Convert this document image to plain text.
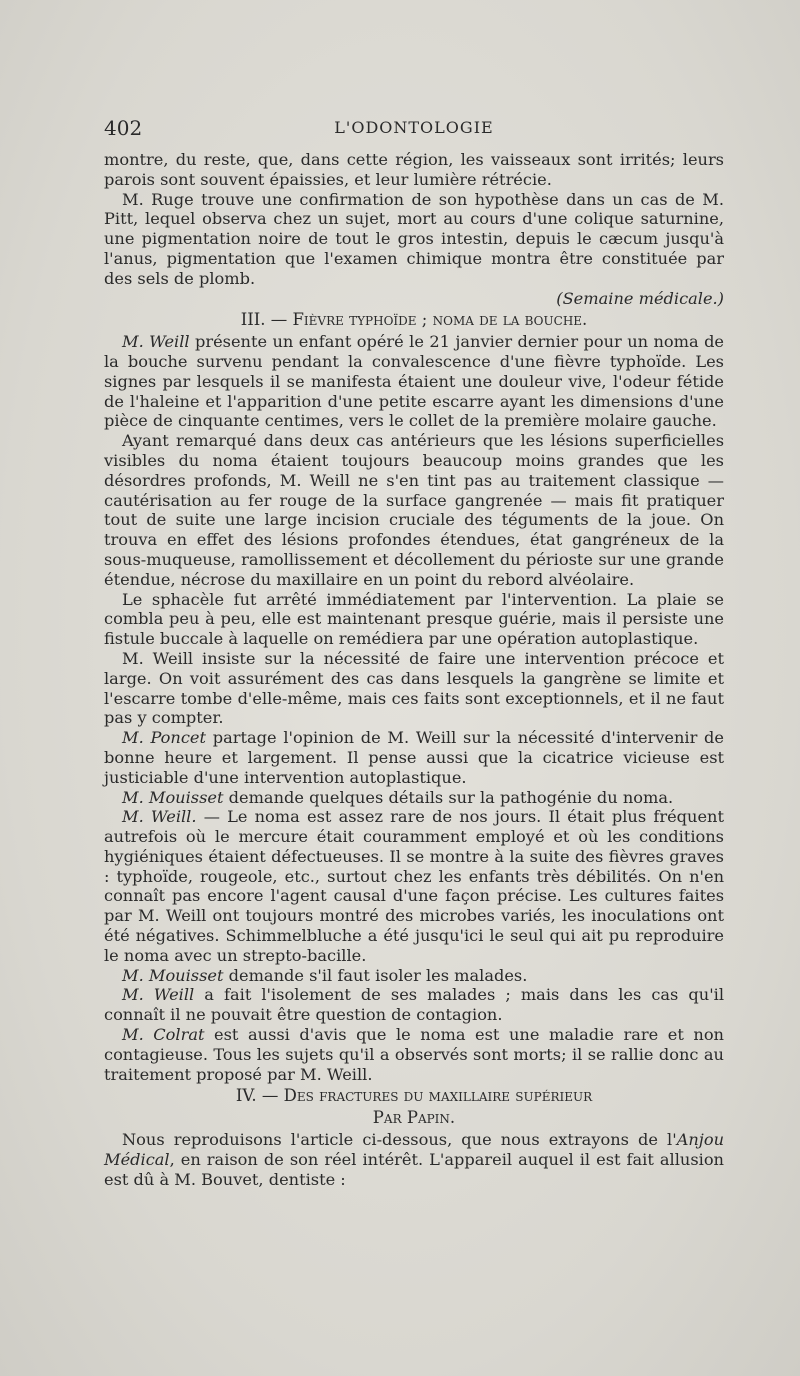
402	L'ODONTOLOGIE

montre, du reste, que, dans cette région, les vaisseaux sont irrités; leurs parois sont souvent épaissies, et leur lumière rétrécie.

M. Ruge trouve une confirmation de son hypothèse dans un cas de M. Pitt, lequel observa chez un sujet, mort au cours d'une colique saturnine, une pigmentation noire de tout le gros intestin, depuis le cæcum jusqu'à l'anus, pigmentation que l'examen chimique montra être constituée par des sels de plomb.

(Semaine médicale.)

III. — Fièvre typhoïde ; noma de la bouche.

M. Weill présente un enfant opéré le 21 janvier dernier pour un noma de la bouche survenu pendant la convalescence d'une fièvre typhoïde. Les signes par lesquels il se manifesta étaient une douleur vive, l'odeur fétide de l'haleine et l'apparition d'une petite escarre ayant les dimensions d'une pièce de cinquante centimes, vers le collet de la première molaire gauche.

Ayant remarqué dans deux cas antérieurs que les lésions superficielles visibles du noma étaient toujours beaucoup moins grandes que les désordres profonds, M. Weill ne s'en tint pas au traitement classique — cautérisation au fer rouge de la surface gangrenée — mais fit pratiquer tout de suite une large incision cruciale des téguments de la joue. On trouva en effet des lésions profondes étendues, état gangréneux de la sous-muqueuse, ramollissement et décollement du périoste sur une grande étendue, nécrose du maxillaire en un point du rebord alvéolaire.

Le sphacèle fut arrêté immédiatement par l'intervention. La plaie se combla peu à peu, elle est maintenant presque guérie, mais il persiste une fistule buccale à laquelle on remédiera par une opération autoplastique.

M. Weill insiste sur la nécessité de faire une intervention précoce et large. On voit assurément des cas dans lesquels la gangrène se limite et l'escarre tombe d'elle-même, mais ces faits sont exceptionnels, et il ne faut pas y compter.

M. Poncet partage l'opinion de M. Weill sur la nécessité d'intervenir de bonne heure et largement. Il pense aussi que la cicatrice vicieuse est justiciable d'une intervention autoplastique.

M. Mouisset demande quelques détails sur la pathogénie du noma.

M. Weill. — Le noma est assez rare de nos jours. Il était plus fréquent autrefois où le mercure était couramment employé et où les conditions hygiéniques étaient défectueuses. Il se montre à la suite des fièvres graves : typhoïde, rougeole, etc., surtout chez les enfants très débilités. On n'en connaît pas encore l'agent causal d'une façon précise. Les cultures faites par M. Weill ont toujours montré des microbes variés, les inoculations ont été négatives. Schimmelbluche a été jusqu'ici le seul qui ait pu reproduire le noma avec un strepto-bacille.

M. Mouisset demande s'il faut isoler les malades.

M. Weill a fait l'isolement de ses malades ; mais dans les cas qu'il connaît il ne pouvait être question de contagion.

M. Colrat est aussi d'avis que le noma est une maladie rare et non contagieuse. Tous les sujets qu'il a observés sont morts; il se rallie donc au traitement proposé par M. Weill.

IV. — Des fractures du maxillaire supérieur

Par Papin.

Nous reproduisons l'article ci-dessous, que nous extrayons de l'Anjou Médical, en raison de son réel intérêt. L'appareil auquel il est fait allusion est dû à M. Bouvet, dentiste :
